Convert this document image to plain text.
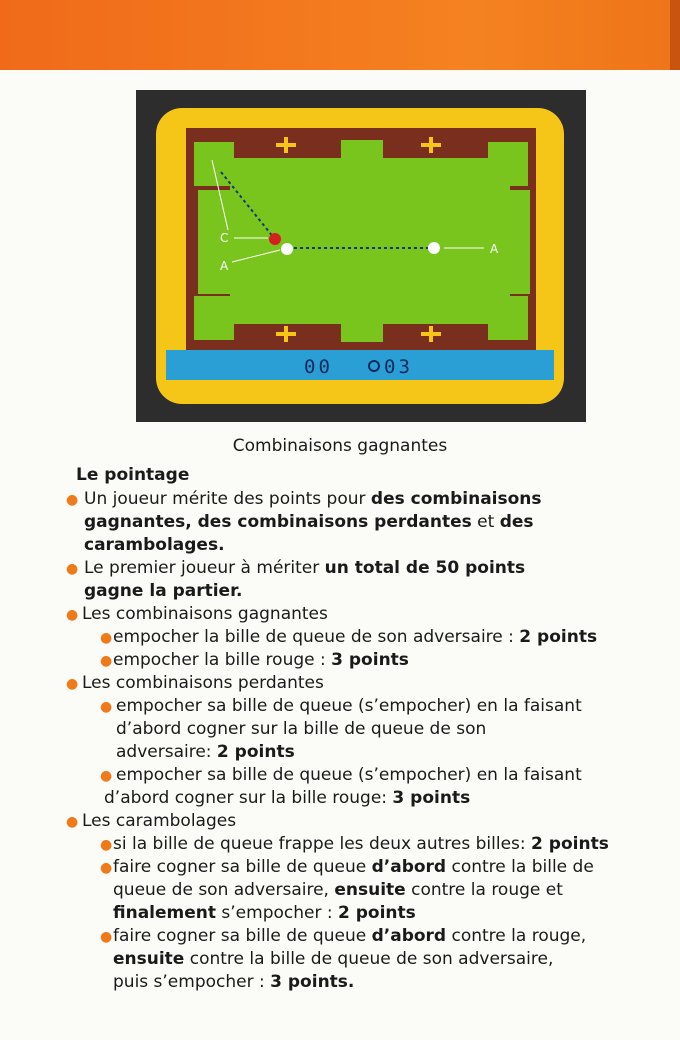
C
A
A
00	03
Combinaisons gagnantes
Le pointage
● Un joueur mérite des points pour des combinaisons
gagnantes, des combinaisons perdantes et des
carambolages.
● Le premier joueur à mériter un total de 50 points
gagne la partier.
● Les combinaisons gagnantes
● empocher la bille de queue de son adversaire : 2 points
● empocher la bille rouge : 3 points
● Les combinaisons perdantes
● empocher sa bille de queue (s’empocher) en la faisant
d’abord cogner sur la bille de queue de son
adversaire: 2 points
● empocher sa bille de queue (s’empocher) en la faisant
d’abord cogner sur la bille rouge: 3 points
● Les carambolages
● si la bille de queue frappe les deux autres billes: 2 points
● faire cogner sa bille de queue d’abord contre la bille de
queue de son adversaire, ensuite contre la rouge et
finalement s’empocher : 2 points
● faire cogner sa bille de queue d’abord contre la rouge,
ensuite contre la bille de queue de son adversaire,
puis s’empocher : 3 points.
